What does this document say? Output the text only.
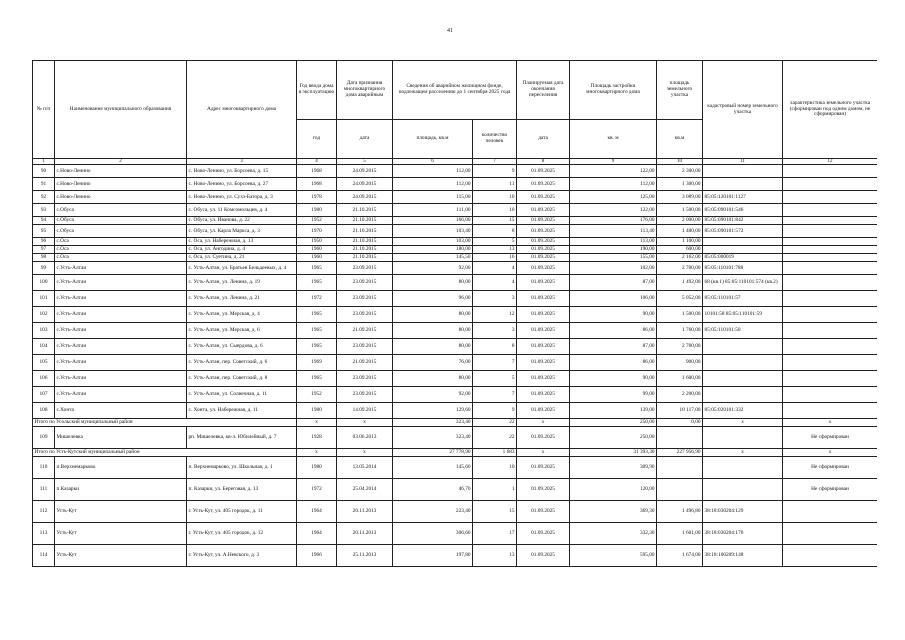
41
№ п/п	Наименование муниципального образования	Адрес многоквартирного дома	Год ввода дома в эксплуатацию	Дата признания многоквартирного дома аварийным	Сведения об аварийном жилищном фонде, подлежащем расселению до 1 сентября 2025 года		Планируемая дата окончания переселения	Площадь застройки многоквартирного дома	площадь земельного участка	кадастровый номер земельного участка	характеристика земельного участка (сформирован под одним домом, не сформирован)
			год	дата	площадь, кв.м	количество человек	дата	кв. м	кв.м		
1	2	3	4	5	6	7	8	9	10	11	12
90	с.Ново-Ленино	с. Ново-Ленино, ул. Борсоева, д. 15	1968	24.09.2015	112,00	9	01.09.2025	122,00	2 300,00		
91	с.Ново-Ленино	с. Ново-Ленино, ул. Борсоева, д. 27	1968	24.09.2015	112,00	11	01.09.2025	112,00	1 300,00		
92	с.Ново-Ленино	с. Ново-Ленино, ул. Сухэ-Батора, д. 3	1978	24.09.2015	115,00	10	01.09.2025	125,00	3 089,00	85:05:120101:1127	
93	с.Обуса	с. Обуса, ул. 11 Комсомольцев, д. 4	1980	21.10.2015	111,00	10	01.09.2025	122,00	1 500,00	85:05:090101:546	
94	с.Обуса	с. Обуса, ул. Иванова, д. 22	1952	21.10.2015	166,00	15	01.09.2025	176,00	2 000,00	85:05:090101:842	
95	с.Обуса	с. Обуса, ул. Карла Маркса, д. 3	1970	21.10.2015	103,40	8	01.09.2025	113,40	1 400,00	85:05:090101:572	
96	с.Оса	с. Оса, ул. Набережная, д. 13	1950	21.10.2015	103,00	5	01.09.2025	113,00	1 100,00		
97	с.Оса	с. Оса, ул. Ангодина, д. 4	1960	21.10.2015	180,00	13	01.09.2025	190,00	600,00		
98	с.Оса	с. Оса, ул. Суетина, д. 21	1960	21.10.2015	145,50	16	01.09.2025	155,00	2 162,00	85:05:000019	
99	с.Усть-Алтан	с. Усть-Алтан, ул. Братьев Бильдеевых, д. 4	1965	23.09.2015	92,00	4	01.09.2025	102,00	2 700,00	85:05:110101:788	
100	с.Усть-Алтан	с. Усть-Алтан, ул. Ленина, д. 19	1965	23.09.2015	80,00	4	01.09.2025	87,00	1 492,00	68 (кв.1) 85:05:110101:574 (кв.2)	
101	с.Усть-Алтан	с. Усть-Алтан, ул. Ленина, д. 21	1972	23.09.2015	96,00	3	01.09.2025	106,00	5 052,00	85:05:110101:57	
102	с.Усть-Алтан	с. Усть-Алтан, ул. Мерская, д. 4	1965	23.09.2015	80,00	12	01.09.2025	90,00	1 500,00	10101:58 85:05:110101:59	
103	с.Усть-Алтан	с. Усть-Алтан, ул. Мерская, д. 6	1965	21.09.2015	80,00	3	01.09.2025	86,00	1 760,00	85:05:110101:50	
104	с.Усть-Алтан	с. Усть-Алтан, ул. Сыердова, д. 6	1965	23.09.2015	80,00	8	01.09.2025	87,00	2 700,00		
105	с.Усть-Алтан	с. Усть-Алтан, пер. Советский, д. 6	1969	21.09.2015	76,00	7	01.09.2025	86,00	900,00		
106	с.Усть-Алтан	с. Усть-Алтан, пер. Советский, д. 8	1965	23.09.2015	80,00	5	01.09.2025	90,00	1 600,00		
107	с.Усть-Алтан	с. Усть-Алтан, ул. Солнечная, д. 11	1952	23.09.2015	92,00	7	01.09.2025	99,00	2 200,00		
108	с.Хонта	с. Хонта, ул. Набережная, д. 11	1980	14.09.2015	129,60	9	01.09.2025	139,00	10 117,00	85:05:020101:332	
Итого по Усольский муниципальный район			x	x	323,40	22	x	250,00	0,00	x	x
109	Мишелевка	рп. Мишелевка, кв-л. Юбилейный, д. 7	1928	03.06.2013	323,40	22	01.09.2025	250,00			Не сформирован
Итого по Усть-Кутский муниципальный район			x	x	27 778,90	1 683	x	31 393,30	227 956,90	x	x
110	п.Верхнемарково	п. Верхнемарково, ул. Школьная, д. 1	1980	13.05.2014	145,60	10	01.09.2025	309,90			Не сформирован
111	п.Казарки	п. Казарки, ул. Береговая, д. 13	1972	25.04.2014	46,70	1	01.09.2025	120,00			Не сформирован
112	Усть-Кут	г. Усть-Кут, ул. 405 городок, д. 11	1964	20.11.2013	223,40	15	01.09.2025	369,30	1 496,80	38:18:030204:129	
113	Усть-Кут	г. Усть-Кут, ул. 405 городок, д. 12	1964	20.11.2013	306,60	17	01.09.2025	332,30	1 601,00	38:18:030204:176	
114	Усть-Кут	г. Усть-Кут, ул. А.Невского, д. 3	1966	25.11.2013	197,80	13	01.09.2025	595,00	1 674,00	38:18:100209:148	
